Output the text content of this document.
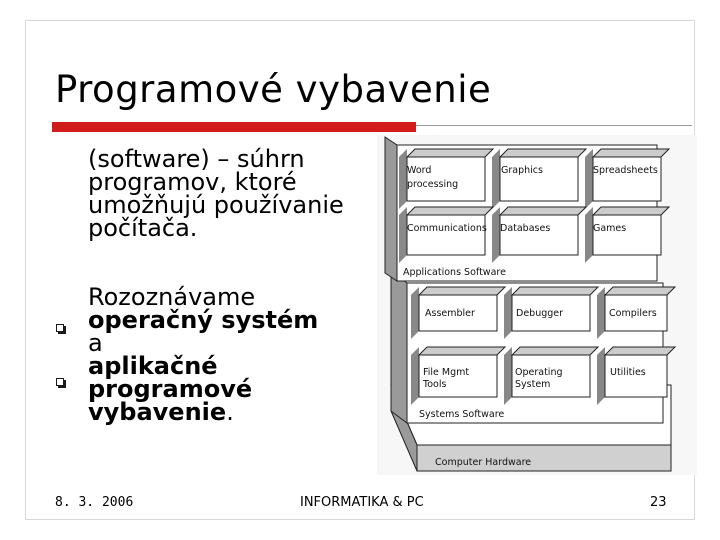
Programové vybavenie
(software) – súhrn programov, ktoré umožňujú používanie počítača.
Rozoznávame
operačný systém
a
aplikačné programové vybavenie.
Computer Hardware
Assembler	Debugger	Compilers
File Mgmt
Tools
Operating
System
Utilities
Systems Software
Word
processing
Graphics	Spreadsheets
Communications Databases	Games
Applications Software
8. 3. 2006	INFORMATIKA & PC	23
